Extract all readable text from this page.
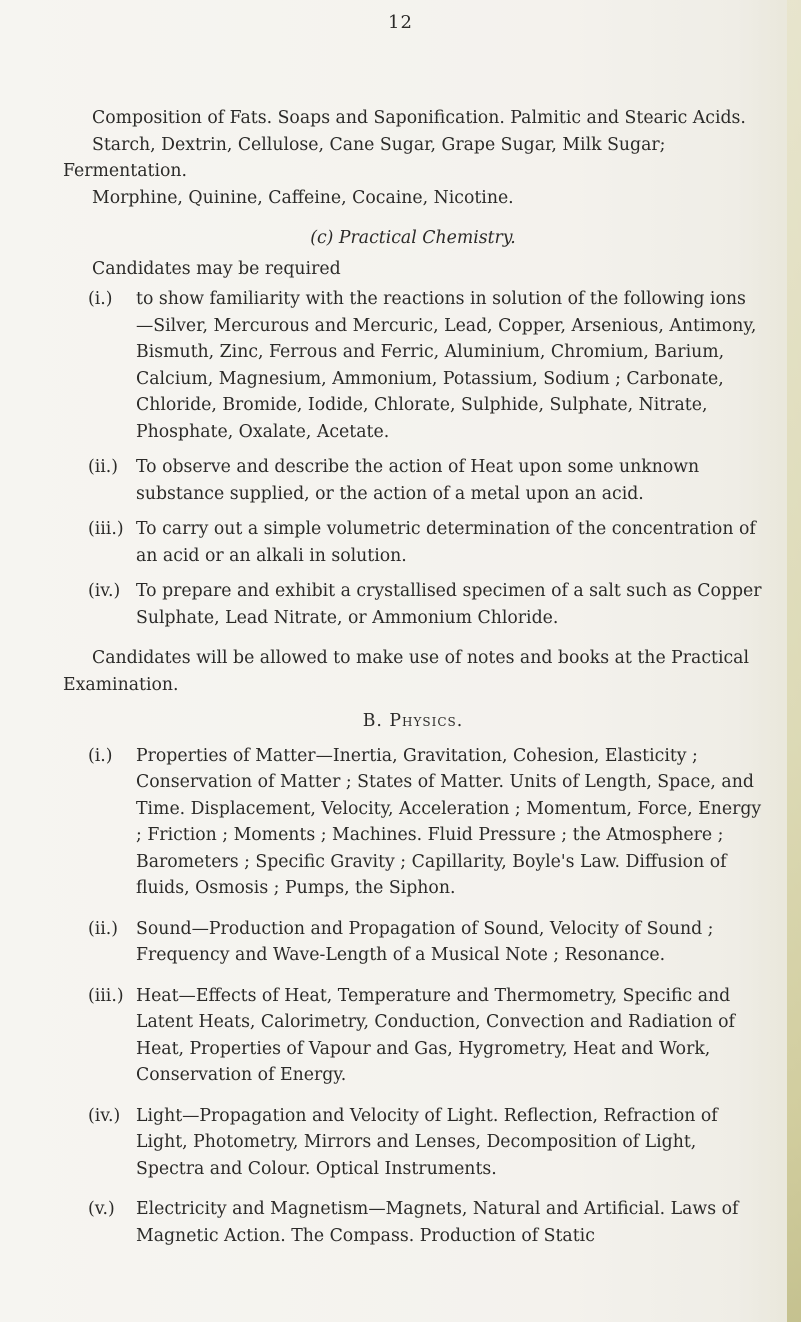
12

Composition of Fats. Soaps and Saponification. Palmitic and Stearic Acids.

Starch, Dextrin, Cellulose, Cane Sugar, Grape Sugar, Milk Sugar; Fermentation.

Morphine, Quinine, Caffeine, Cocaine, Nicotine.

(c) Practical Chemistry.

Candidates may be required

(i.) to show familiarity with the reactions in solution of the following ions—Silver, Mercurous and Mercuric, Lead, Copper, Arsenious, Antimony, Bismuth, Zinc, Ferrous and Ferric, Aluminium, Chromium, Barium, Calcium, Magnesium, Ammonium, Potassium, Sodium ; Carbonate, Chloride, Bromide, Iodide, Chlorate, Sulphide, Sulphate, Nitrate, Phosphate, Oxalate, Acetate.
(ii.) To observe and describe the action of Heat upon some unknown substance supplied, or the action of a metal upon an acid.
(iii.) To carry out a simple volumetric determination of the concentration of an acid or an alkali in solution.
(iv.) To prepare and exhibit a crystallised specimen of a salt such as Copper Sulphate, Lead Nitrate, or Ammonium Chloride.

Candidates will be allowed to make use of notes and books at the Practical Examination.

B. Physics.

(i.) Properties of Matter—Inertia, Gravitation, Cohesion, Elasticity ; Conservation of Matter ; States of Matter. Units of Length, Space, and Time. Displacement, Velocity, Acceleration ; Momentum, Force, Energy ; Friction ; Moments ; Machines. Fluid Pressure ; the Atmosphere ; Barometers ; Specific Gravity ; Capillarity, Boyle's Law. Diffusion of fluids, Osmosis ; Pumps, the Siphon.
(ii.) Sound—Production and Propagation of Sound, Velocity of Sound ; Frequency and Wave-Length of a Musical Note ; Resonance.
(iii.) Heat—Effects of Heat, Temperature and Thermometry, Specific and Latent Heats, Calorimetry, Conduction, Convection and Radiation of Heat, Properties of Vapour and Gas, Hygrometry, Heat and Work, Conservation of Energy.
(iv.) Light—Propagation and Velocity of Light. Reflection, Refraction of Light, Photometry, Mirrors and Lenses, Decomposition of Light, Spectra and Colour. Optical Instruments.
(v.) Electricity and Magnetism—Magnets, Natural and Artificial. Laws of Magnetic Action. The Compass. Production of Static
